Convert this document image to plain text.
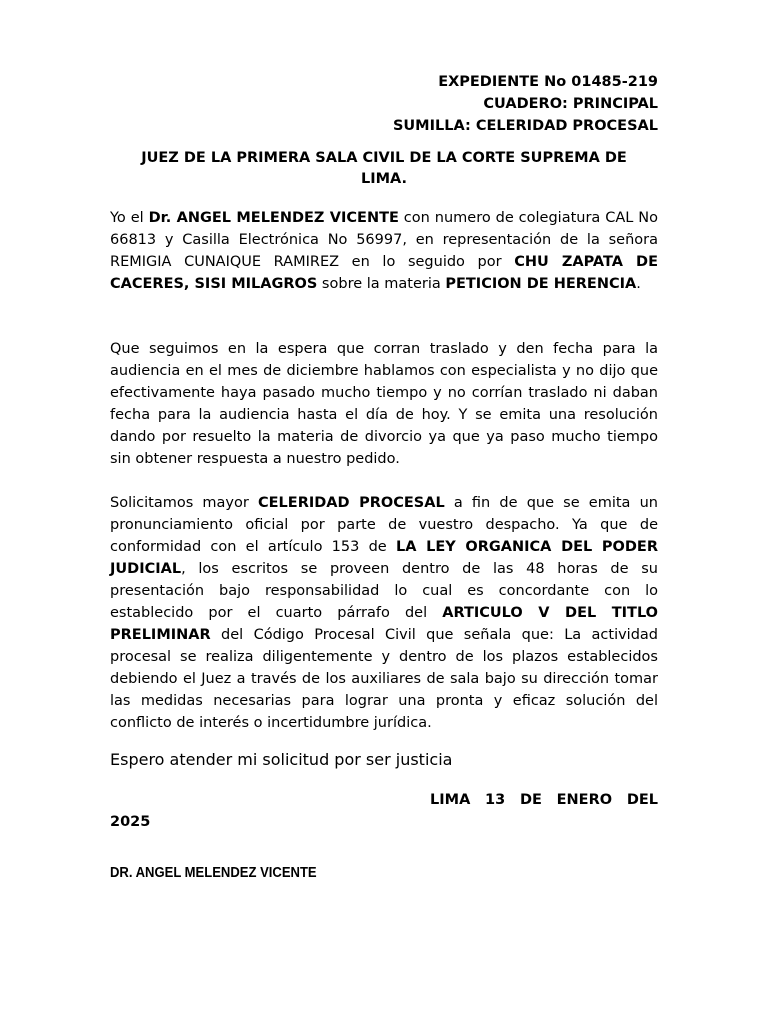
EXPEDIENTE No 01485-219
CUADERO: PRINCIPAL
SUMILLA: CELERIDAD PROCESAL
JUEZ DE LA PRIMERA SALA CIVIL DE LA CORTE SUPREMA DE
LIMA.
Yo el Dr. ANGEL MELENDEZ VICENTE con numero de colegiatura CAL No 66813 y Casilla Electrónica No 56997, en representación de la señora REMIGIA CUNAIQUE RAMIREZ en lo seguido por CHU ZAPATA DE CACERES, SISI MILAGROS sobre la materia PETICION DE HERENCIA.
Que seguimos en la espera que corran traslado y den fecha para la audiencia en el mes de diciembre hablamos con especialista y no dijo que efectivamente haya pasado mucho tiempo y no corrían traslado ni daban fecha para la audiencia hasta el día de hoy. Y se emita una resolución dando por resuelto la materia de divorcio ya que ya paso mucho tiempo sin obtener respuesta a nuestro pedido.
Solicitamos mayor CELERIDAD PROCESAL a fin de que se emita un pronunciamiento oficial por parte de vuestro despacho. Ya que de conformidad con el artículo 153 de LA LEY ORGANICA DEL PODER JUDICIAL, los escritos se proveen dentro de las 48 horas de su presentación bajo responsabilidad lo cual es concordante con lo establecido por el cuarto párrafo del ARTICULO V DEL TITLO PRELIMINAR del Código Procesal Civil que señala que: La actividad procesal se realiza diligentemente y dentro de los plazos establecidos debiendo el Juez a través de los auxiliares de sala bajo su dirección tomar las medidas necesarias para lograr una pronta y eficaz solución del conflicto de interés o incertidumbre jurídica.
Espero atender mi solicitud por ser justicia
LIMA 13 DE ENERO DEL
2025
DR. ANGEL MELENDEZ VICENTE
